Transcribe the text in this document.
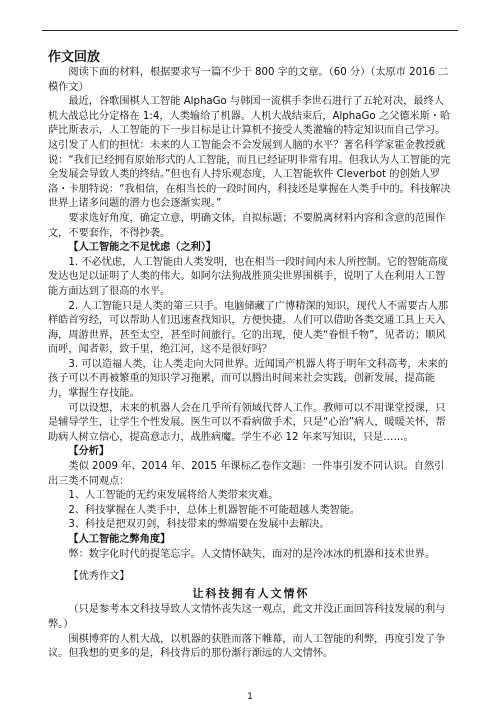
作文回放

阅读下面的材料，根据要求写一篇不少于 800 字的文章。（60 分）（太原市 2016 二模作文）

最近，谷歌围棋人工智能 AlphaGo 与韩国一流棋手李世石进行了五轮对决，最终人机大战总比分定格在 1:4，人类输给了机器。人机大战结束后，AlphaGo 之父德米斯・哈萨比斯表示，人工智能的下一步目标是让计算机不接受人类灌输的特定知识而自己学习。这引发了人们的担忧：未来的人工智能会不会发展到人脑的水平？著名科学家霍金教授就说：“我们已经拥有原始形式的人工智能，而且已经证明非常有用。但我认为人工智能的完全发展会导致人类的终结。”但也有人持乐观态度，人工智能软件 Cleverbot 的创始人罗洛・卡朋特说：“我相信，在相当长的一段时间内，科技还是掌握在人类手中的。科技解决世界上诸多问题的潜力也会逐渐实现。”

要求选好角度，确定立意，明确文体，自拟标题；不要脱离材料内容和含意的范围作文，不要套作，不得抄袭。

【人工智能之不足忧虑（之利）】

1. 不必忧虑，人工智能由人类发明，也在相当一段时间内未人所控制。它的智能高度发达也足以证明了人类的伟大。如阿尔法狗战胜顶尖世界围棋手，说明了人在利用人工智能方面达到了很高的水平。

2. 人工智能只是人类的第三只手。电脑储藏了广博精深的知识，现代人不需要古人那样皓首穷经，可以帮助人们迅速查找知识，方便快捷。人们可以借助各类交通工具上天入海，周游世界，甚至太空，甚至时间旅行。它的出现，使人类“眷恨千物”，见者访；顺风而呼，闻者彰，致千里，绝江河，这不是很好吗？

3. 可以造福人类，让人类走向大同世界。近闻国产机器人将于明年文科高考，未来的孩子可以不再被繁重的知识学习拖累，而可以腾出时间来社会实践，创新发展，提高能力，掌握生存技能。

可以设想，未来的机器人会在几乎所有领域代替人工作。教师可以不用课堂授课，只是辅导学生，让学生个性发展。医生可以不看病做手术，只是“心治”病人，暖暖关怀，帮助病人树立信心，提高意志力，战胜病魔。学生不必 12 年来写知识，只是……。

【分析】

类似 2009 年、2014 年、2015 年课标乙卷作文题：一件事引发不同认识。自然引出三类不同观点：

1、人工智能的无约束发展将给人类带来灾难。

2、科技掌握在人类手中，总体上机器智能不可能超越人类智能。

3、科技是把双刃剑，科技带来的弊端要在发展中去解决。

【人工智能之弊角度】

弊：数字化时代的提笔忘字。人文情怀缺失，面对的是冷冰冰的机器和技术世界。

【优秀作文】

让科技拥有人文情怀

（只是参考本文科技导致人文情怀丧失这一观点，此文并没正面回答科技发展的利与弊。）

围棋博弈的人机大战，以机器的获胜而落下帷幕，而人工智能的利弊，再度引发了争议。但我想的更多的是，科技背后的那份渐行渐远的人文情怀。

1
